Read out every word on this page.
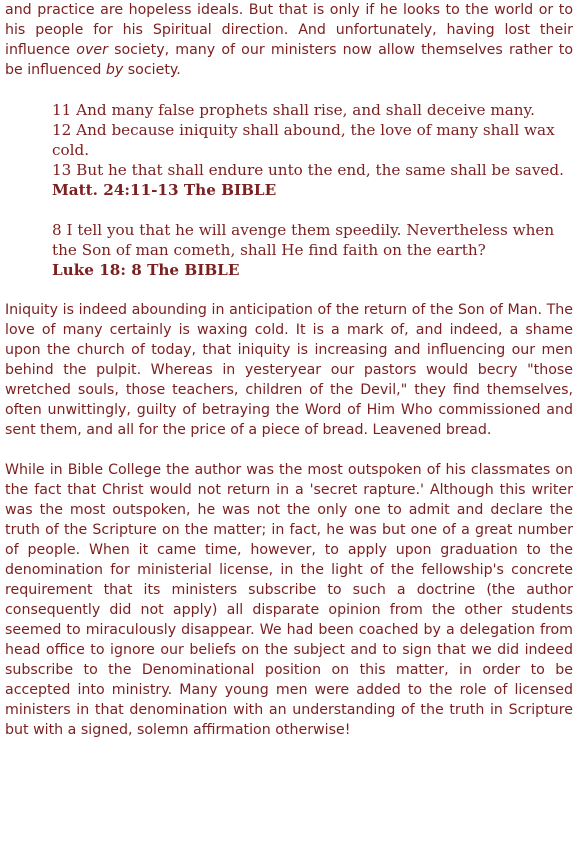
and practice are hopeless ideals. But that is only if he looks to the world or to his people for his Spiritual direction. And unfortunately, having lost their influence over society, many of our ministers now allow themselves rather to be influenced by society.

11 And many false prophets shall rise, and shall deceive many.

12 And because iniquity shall abound, the love of many shall wax cold.

13 But he that shall endure unto the end, the same shall be saved.

Matt. 24:11-13 The BIBLE

8 I tell you that he will avenge them speedily. Nevertheless when the Son of man cometh, shall He find faith on the earth?

Luke 18: 8 The BIBLE

Iniquity is indeed abounding in anticipation of the return of the Son of Man. The love of many certainly is waxing cold. It is a mark of, and indeed, a shame upon the church of today, that iniquity is increasing and influencing our men behind the pulpit. Whereas in yesteryear our pastors would becry "those wretched souls, those teachers, children of the Devil," they find themselves, often unwittingly, guilty of betraying the Word of Him Who commissioned and sent them, and all for the price of a piece of bread. Leavened bread.

While in Bible College the author was the most outspoken of his classmates on the fact that Christ would not return in a 'secret rapture.' Although this writer was the most outspoken, he was not the only one to admit and declare the truth of the Scripture on the matter; in fact, he was but one of a great number of people. When it came time, however, to apply upon graduation to the denomination for ministerial license, in the light of the fellowship's concrete requirement that its ministers subscribe to such a doctrine (the author consequently did not apply) all disparate opinion from the other students seemed to miraculously disappear. We had been coached by a delegation from head office to ignore our beliefs on the subject and to sign that we did indeed subscribe to the Denominational position on this matter, in order to be accepted into ministry. Many young men were added to the role of licensed ministers in that denomination with an understanding of the truth in Scripture but with a signed, solemn affirmation otherwise!
